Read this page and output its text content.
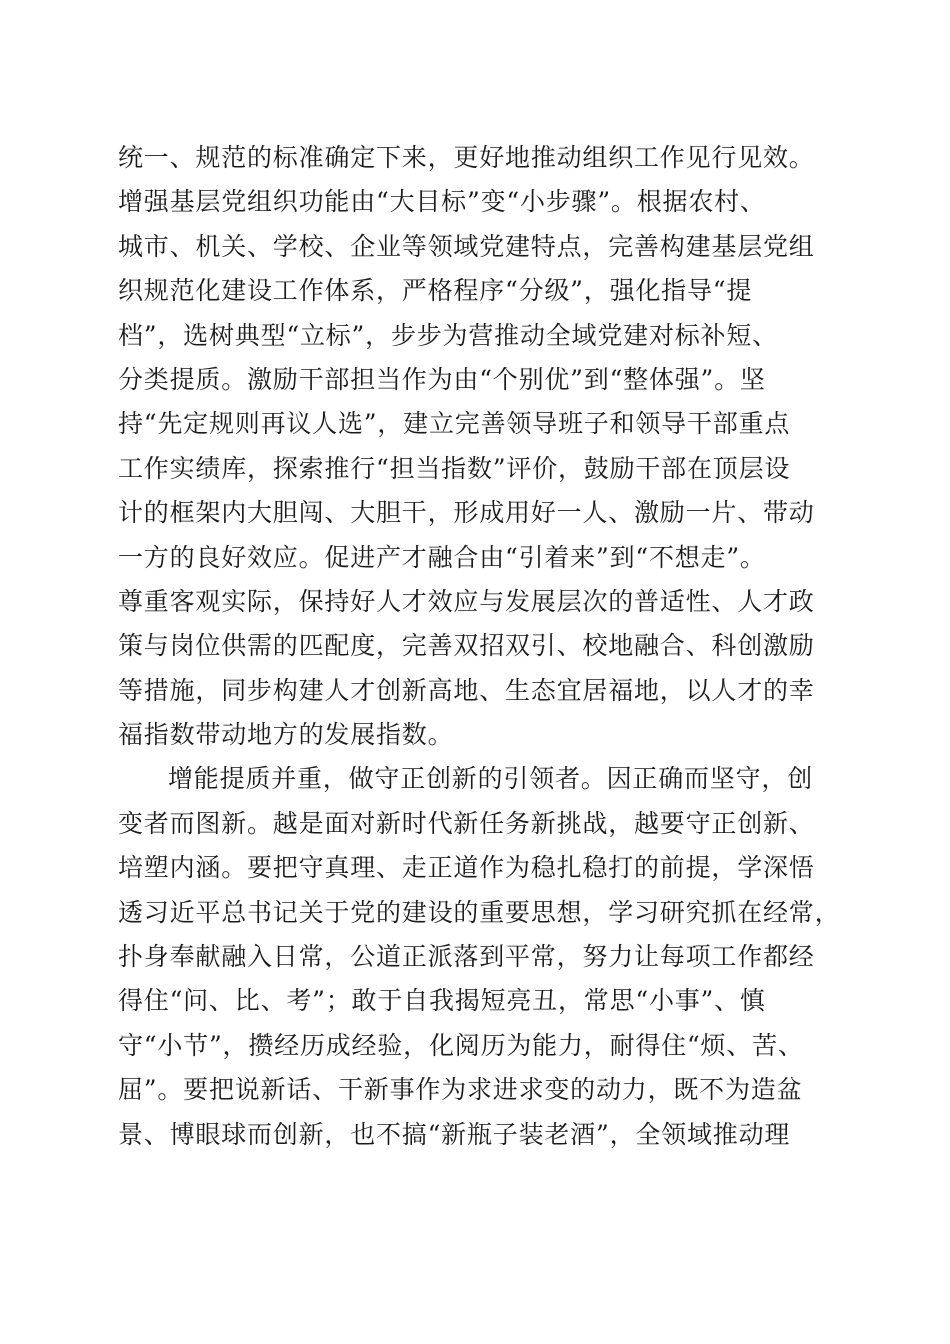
统一、规范的标准确定下来，更好地推动组织工作见行见效。
增强基层党组织功能由“大目标”变“小步骤”。根据农村、
城市、机关、学校、企业等领域党建特点，完善构建基层党组
织规范化建设工作体系，严格程序“分级”，强化指导“提
档”，选树典型“立标”，步步为营推动全域党建对标补短、
分类提质。激励干部担当作为由“个别优”到“整体强”。坚
持“先定规则再议人选”，建立完善领导班子和领导干部重点
工作实绩库，探索推行“担当指数”评价，鼓励干部在顶层设
计的框架内大胆闯、大胆干，形成用好一人、激励一片、带动
一方的良好效应。促进产才融合由“引着来”到“不想走”。
尊重客观实际，保持好人才效应与发展层次的普适性、人才政
策与岗位供需的匹配度，完善双招双引、校地融合、科创激励
等措施，同步构建人才创新高地、生态宜居福地，以人才的幸
福指数带动地方的发展指数。
增能提质并重，做守正创新的引领者。因正确而坚守，创
变者而图新。越是面对新时代新任务新挑战，越要守正创新、
培塑内涵。要把守真理、走正道作为稳扎稳打的前提，学深悟
透习近平总书记关于党的建设的重要思想，学习研究抓在经常，
扑身奉献融入日常，公道正派落到平常，努力让每项工作都经
得住“问、比、考”；敢于自我揭短亮丑，常思“小事”、慎
守“小节”，攒经历成经验，化阅历为能力，耐得住“烦、苦、
屈”。要把说新话、干新事作为求进求变的动力，既不为造盆
景、博眼球而创新，也不搞“新瓶子装老酒”，全领域推动理
